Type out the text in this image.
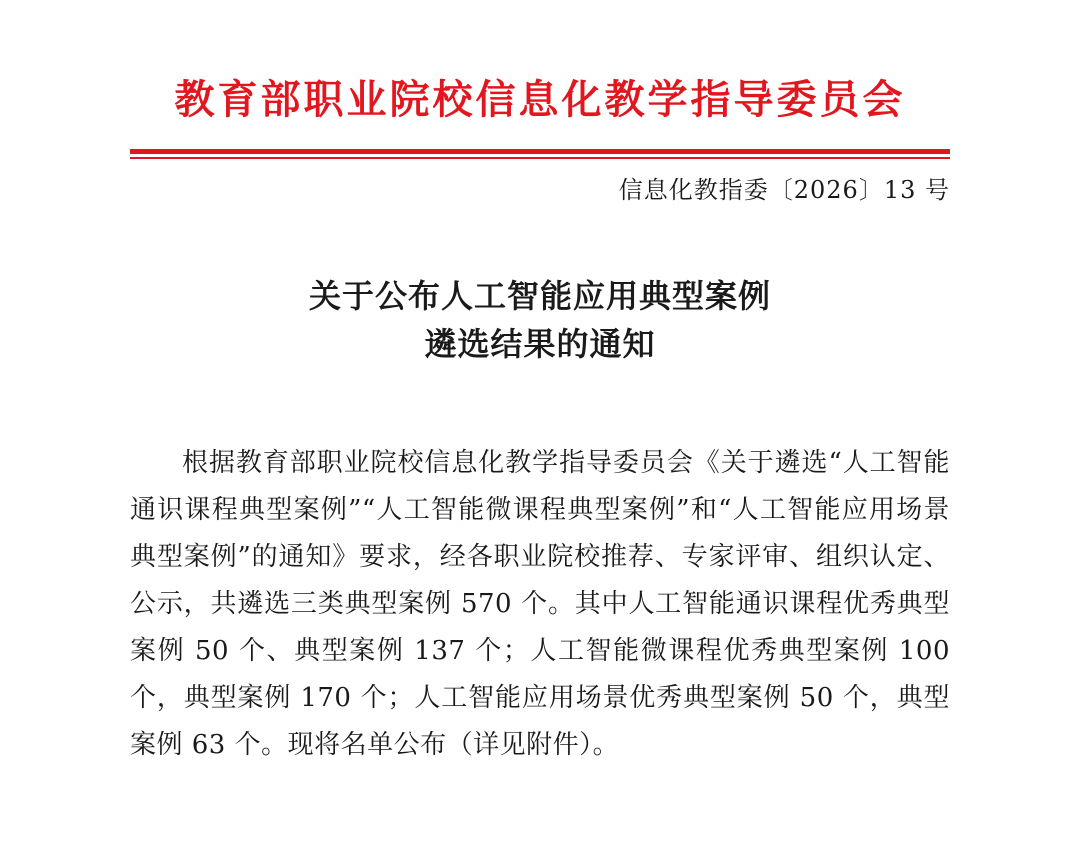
教育部职业院校信息化教学指导委员会
信息化教指委〔2026〕13 号
关于公布人工智能应用典型案例
遴选结果的通知

根据教育部职业院校信息化教学指导委员会《关于遴选“人工智能通识课程典型案例”“人工智能微课程典型案例”和“人工智能应用场景典型案例”的通知》要求，经各职业院校推荐、专家评审、组织认定、公示，共遴选三类典型案例 570 个。其中人工智能通识课程优秀典型案例 50 个、典型案例 137 个；人工智能微课程优秀典型案例 100 个，典型案例 170 个；人工智能应用场景优秀典型案例 50 个，典型案例 63 个。现将名单公布（详见附件）。
